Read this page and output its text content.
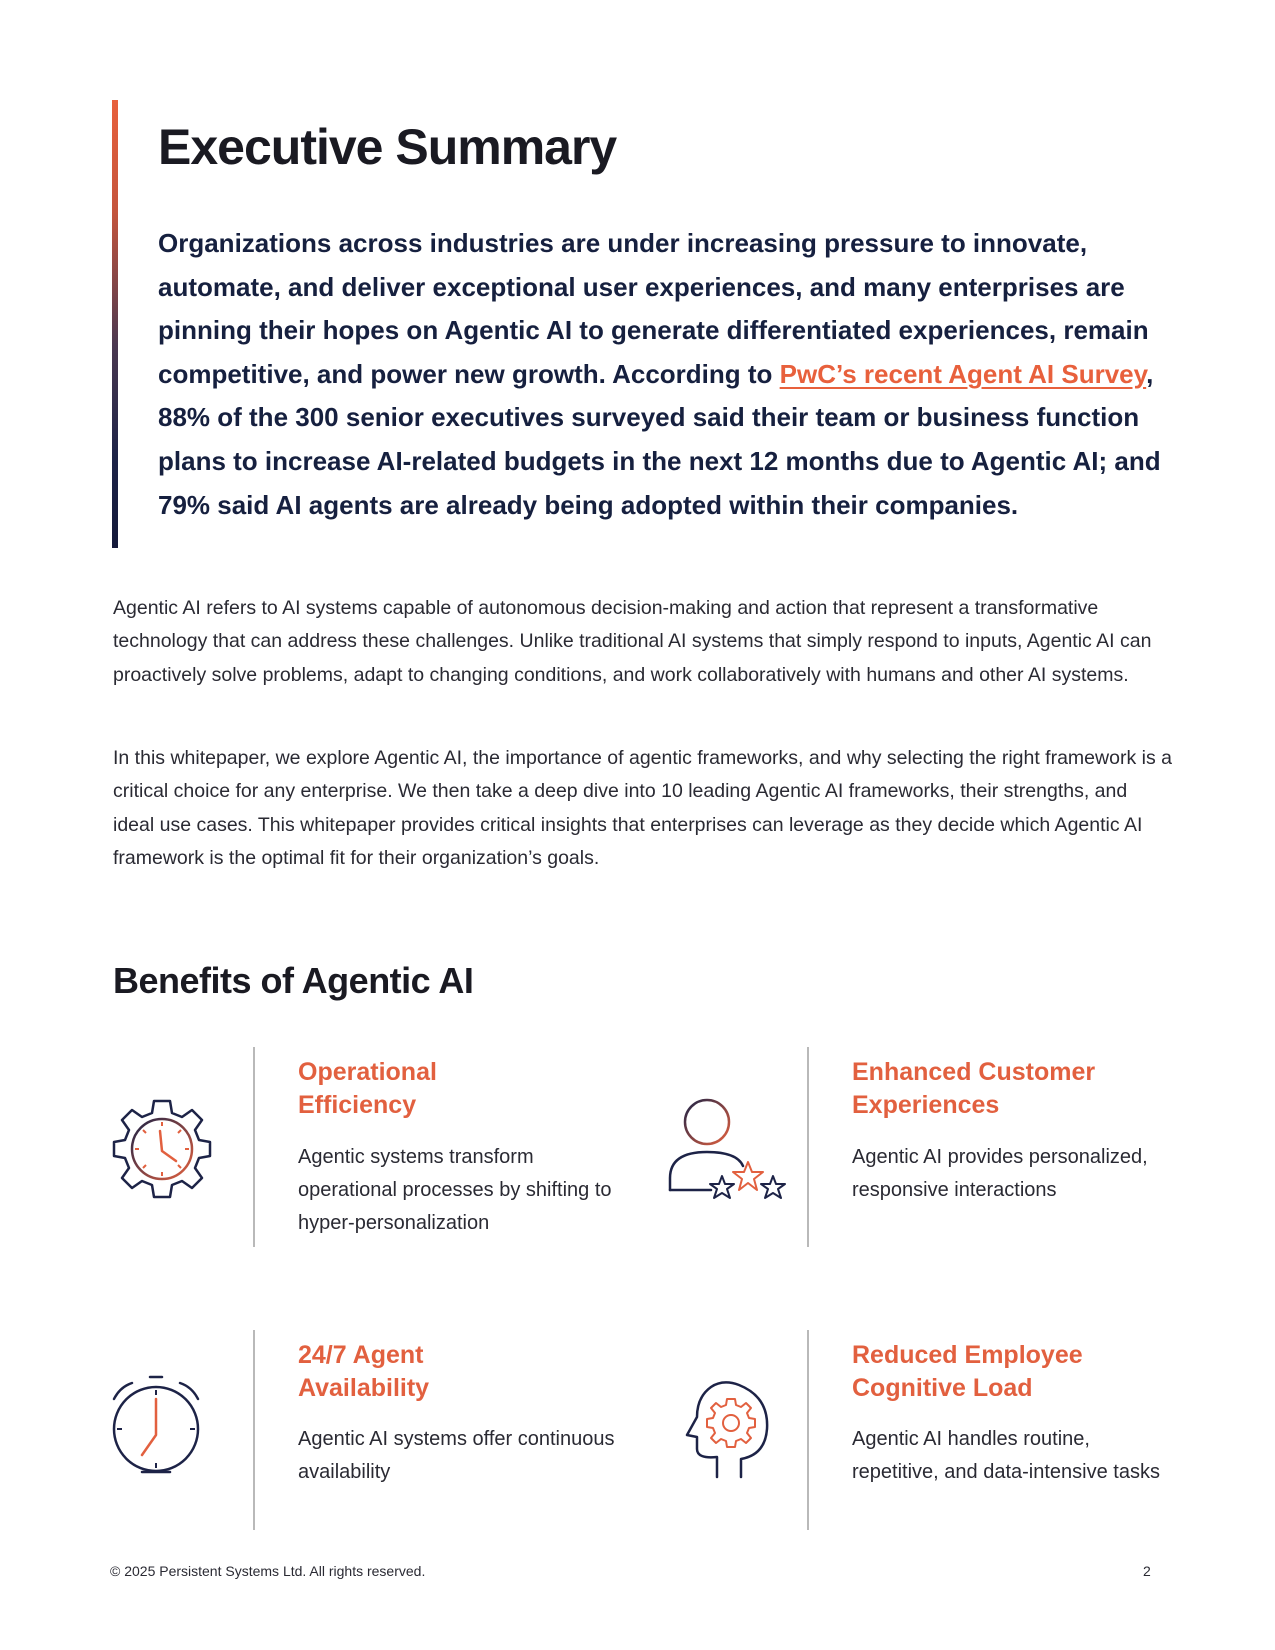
Executive Summary

Organizations across industries are under increasing pressure to innovate, automate, and deliver exceptional user experiences, and many enterprises are pinning their hopes on Agentic AI to generate differentiated experiences, remain competitive, and power new growth. According to PwC’s recent Agent AI Survey, 88% of the 300 senior executives surveyed said their team or business function plans to increase AI-related budgets in the next 12 months due to Agentic AI; and 79% said AI agents are already being adopted within their companies.

Agentic AI refers to AI systems capable of autonomous decision-making and action that represent a transformative technology that can address these challenges. Unlike traditional AI systems that simply respond to inputs, Agentic AI can proactively solve problems, adapt to changing conditions, and work collaboratively with humans and other AI systems.

In this whitepaper, we explore Agentic AI, the importance of agentic frameworks, and why selecting the right framework is a critical choice for any enterprise. We then take a deep dive into 10 leading Agentic AI frameworks, their strengths, and ideal use cases. This whitepaper provides critical insights that enterprises can leverage as they decide which Agentic AI framework is the optimal fit for their organization’s goals.

Benefits of Agentic AI
Operational
Efficiency

Agentic systems transform operational processes by shifting to hyper-personalization

Enhanced Customer
Experiences

Agentic AI provides personalized, responsive interactions

24/7 Agent
Availability

Agentic AI systems offer continuous availability

Reduced Employee
Cognitive Load

Agentic AI handles routine, repetitive, and data-intensive tasks

© 2025 Persistent Systems Ltd. All rights reserved.	2
